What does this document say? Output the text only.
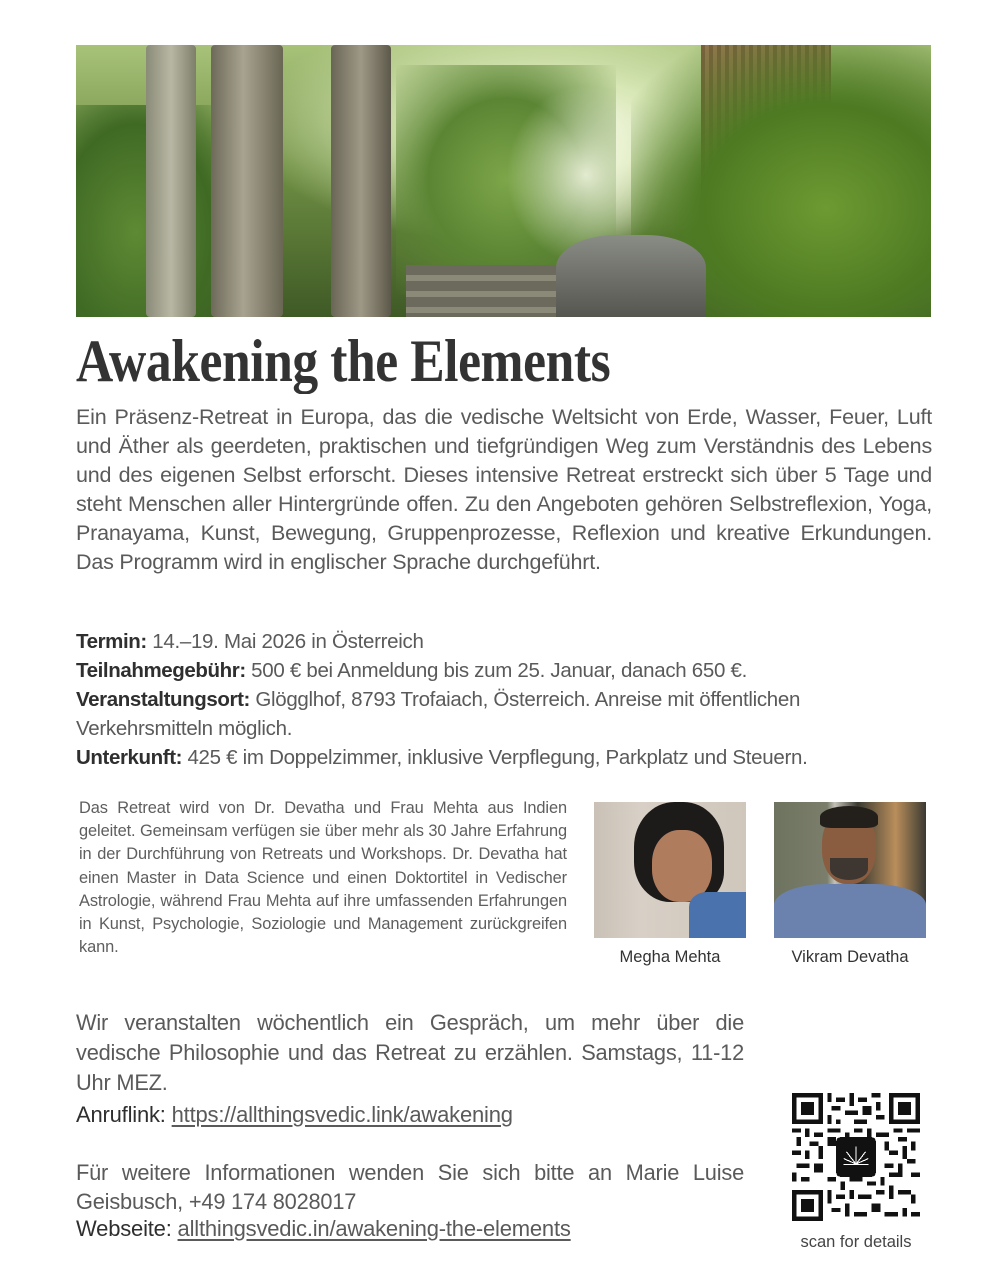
Awakening the Elements

Ein Präsenz-Retreat in Europa, das die vedische Weltsicht von Erde, Wasser, Feuer, Luft und Äther als geerdeten, praktischen und tiefgründigen Weg zum Verständnis des Lebens und des eigenen Selbst erforscht. Dieses intensive Retreat erstreckt sich über 5 Tage und steht Menschen aller Hintergründe offen. Zu den Angeboten gehören Selbstreflexion, Yoga, Pranayama, Kunst, Bewegung, Gruppenprozesse, Reflexion und kreative Erkundungen. Das Programm wird in englischer Sprache durchgeführt.

Termin: 14.–19. Mai 2026 in Österreich
Teilnahmegebühr: 500 € bei Anmeldung bis zum 25. Januar, danach 650 €.
Veranstaltungsort: Glögglhof, 8793 Trofaiach, Österreich. Anreise mit öffentlichen Verkehrsmitteln möglich.
Unterkunft: 425 € im Doppelzimmer, inklusive Verpflegung, Parkplatz und Steuern.

Das Retreat wird von Dr. Devatha und Frau Mehta aus Indien geleitet. Gemeinsam verfügen sie über mehr als 30 Jahre Erfahrung in der Durchführung von Retreats und Workshops. Dr. Devatha hat einen Master in Data Science und einen Doktortitel in Vedischer Astrologie, während Frau Mehta auf ihre umfassenden Erfahrungen in Kunst, Psychologie, Soziologie und Management zurückgreifen kann.

Megha Mehta	Vikram Devatha

Wir veranstalten wöchentlich ein Gespräch, um mehr über die vedische Philosophie und das Retreat zu erzählen. Samstags, 11-12 Uhr MEZ.

Anruflink: https://allthingsvedic.link/awakening

Für weitere Informationen wenden Sie sich bitte an Marie Luise Geisbusch, +49 174 8028017

Webseite: allthingsvedic.in/awakening-the-elements
scan for details
